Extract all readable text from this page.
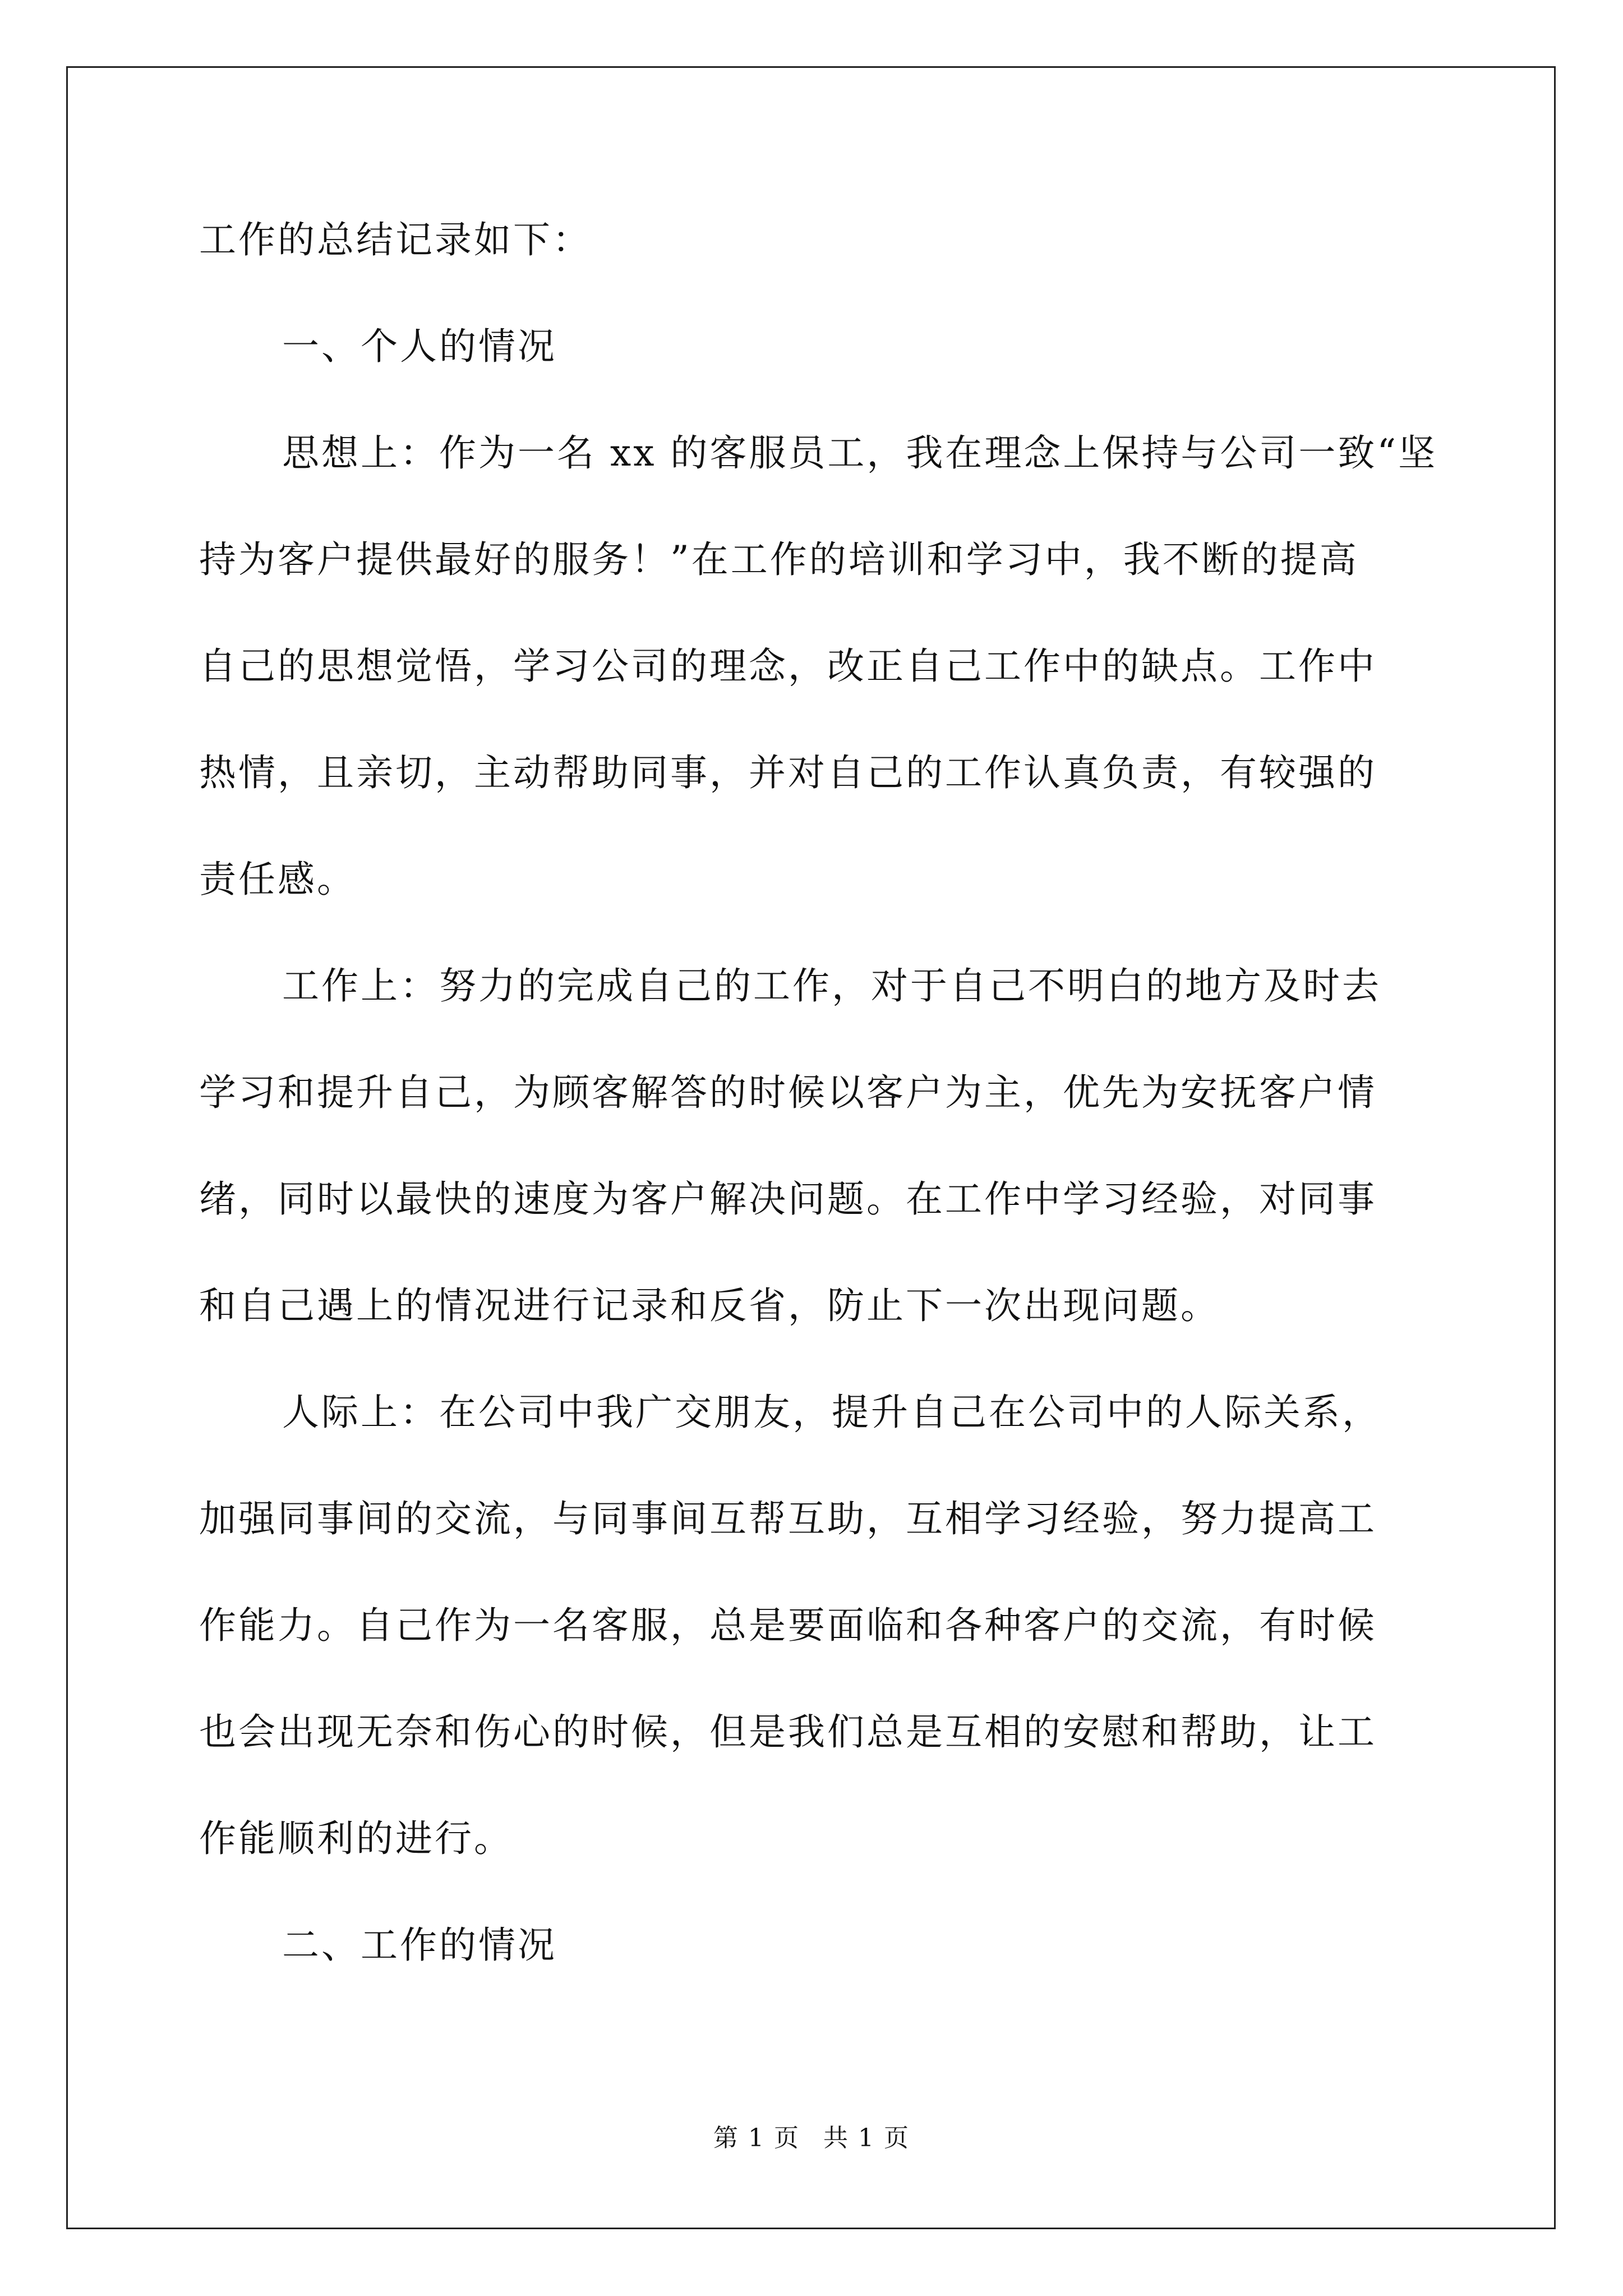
工作的总结记录如下：

一、个人的情况

思想上：作为一名 xx 的客服员工，我在理念上保持与公司一致“坚

持为客户提供最好的服务！”在工作的培训和学习中，我不断的提高

自己的思想觉悟，学习公司的理念，改正自己工作中的缺点。工作中

热情，且亲切，主动帮助同事，并对自己的工作认真负责，有较强的

责任感。

工作上：努力的完成自己的工作，对于自己不明白的地方及时去

学习和提升自己，为顾客解答的时候以客户为主，优先为安抚客户情

绪，同时以最快的速度为客户解决问题。在工作中学习经验，对同事

和自己遇上的情况进行记录和反省，防止下一次出现问题。

人际上：在公司中我广交朋友，提升自己在公司中的人际关系，

加强同事间的交流，与同事间互帮互助，互相学习经验，努力提高工

作能力。自己作为一名客服，总是要面临和各种客户的交流，有时候

也会出现无奈和伤心的时候，但是我们总是互相的安慰和帮助，让工

作能顺利的进行。

二、工作的情况

第 1 页 共 1 页
